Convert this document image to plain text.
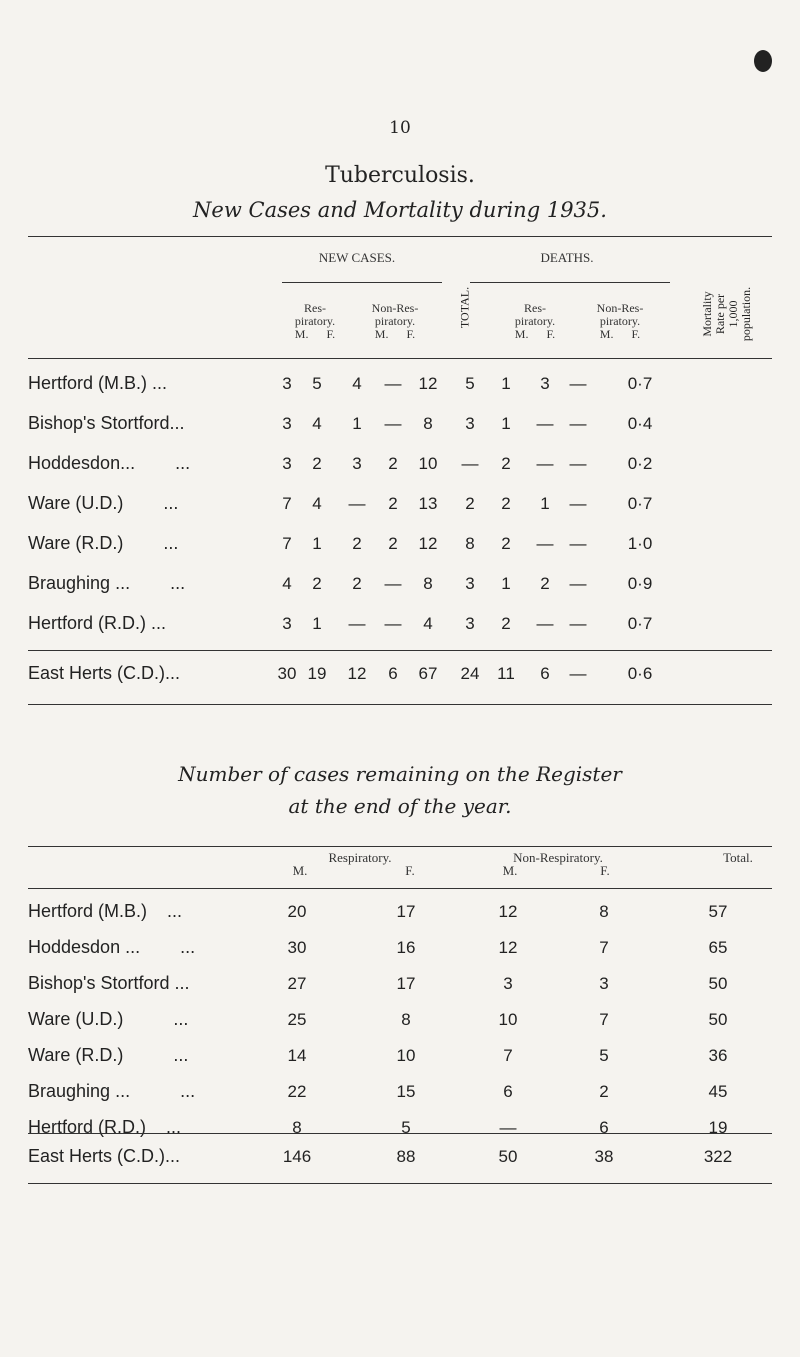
10
Tuberculosis.
New Cases and Mortality during 1935.
NEW CASES.	DEATHS.
TOTAL.	Mortality
Rate per
1,000
population.
Res-
piratory.
M.      F.
Non-Res-
piratory.
M.      F.
Res-
piratory.
M.      F.
Non-Res-
piratory.
M.      F.
Hertford (M.B.) ...	3	5	4	—	12	5	1	3	—	0·7
Bishop's Stortford...	3	4	1	—	8	3	1	— —	0·4
Hoddesdon...        ...	3	2	3	2	10	—	2	— —	0·2
Ware (U.D.)        ...	7	4	—	2	13	2	2	1	—	0·7
Ware (R.D.)        ...	7	1	2	2	12	8	2	— —	1·0
Braughing ...        ...	4	2	2	—	8	3	1	2	—	0·9
Hertford (R.D.) ...	3	1	—	—	4	3	2	— —	0·7
East Herts (C.D.)...	30 19	12	6	67	24	11	6	—	0·6
Number of cases remaining on the Register
at the end of the year.
Respiratory.	Non-Respiratory.	Total.
M.	F.	M.	F.
Hertford (M.B.)    ...	20	17	12	8	57
Hoddesdon ...        ...	30	16	12	7	65
Bishop's Stortford ...	27	17	3	3	50
Ware (U.D.)          ...	25	8	10	7	50
Ware (R.D.)          ...	14	10	7	5	36
Braughing ...          ...	22	15	6	2	45
Hertford (R.D.)    ...	8	5	—	6	19
East Herts (C.D.)...	146	88	50	38	322
